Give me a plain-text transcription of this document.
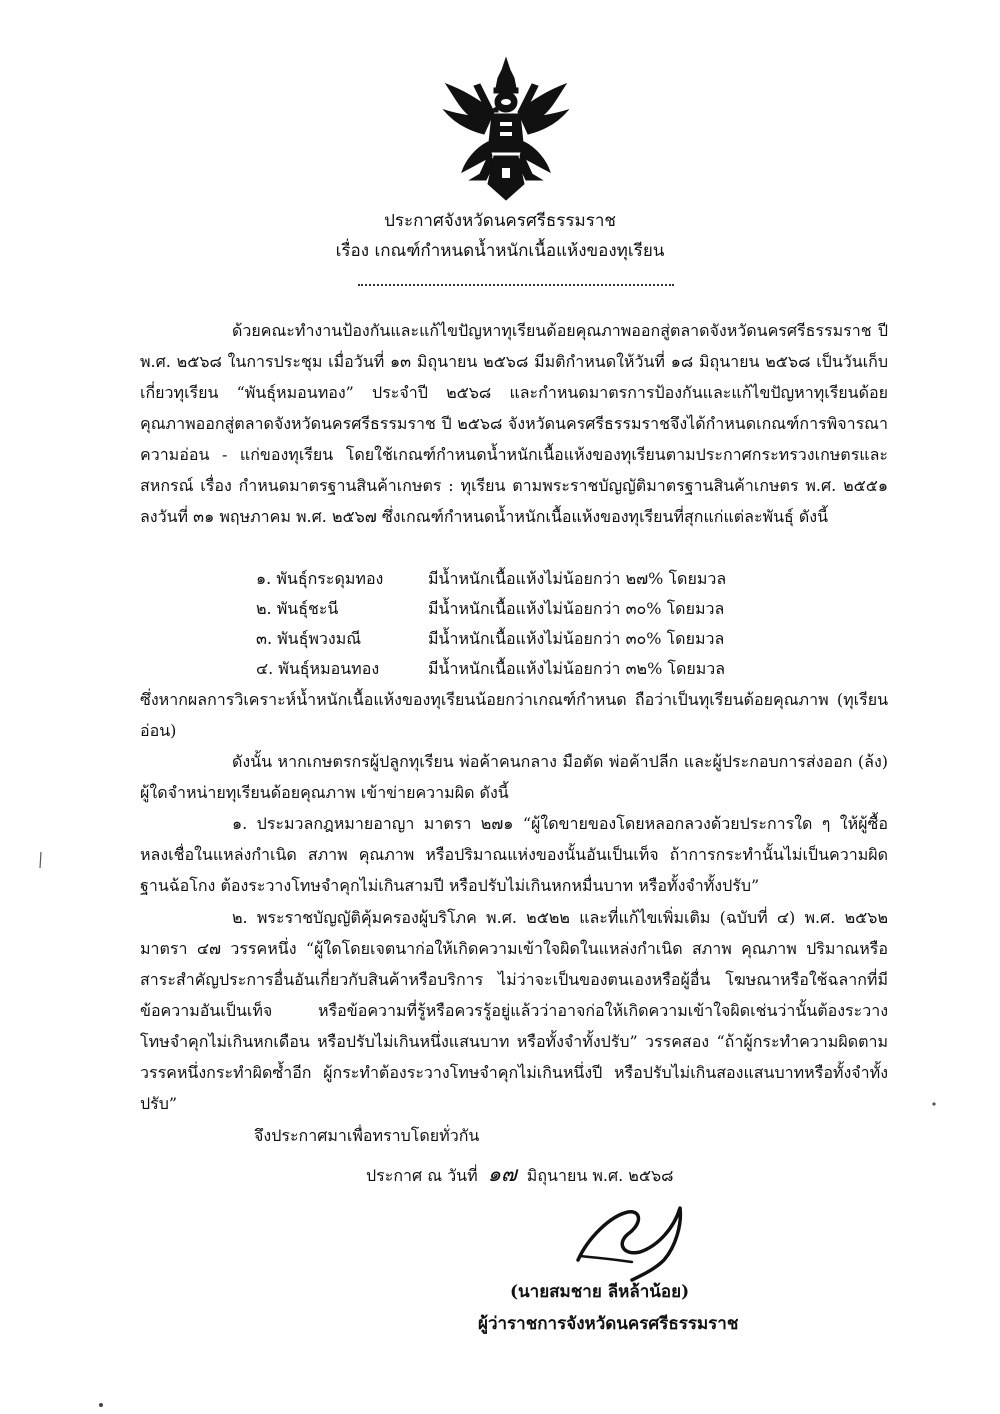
ประกาศจังหวัดนครศรีธรรมราช
เรื่อง เกณฑ์กำหนดน้ำหนักเนื้อแห้งของทุเรียน

ด้วยคณะทำงานป้องกันและแก้ไขปัญหาทุเรียนด้อยคุณภาพออกสู่ตลาดจังหวัดนครศรีธรรมราช ปี พ.ศ. ๒๕๖๘ ในการประชุม เมื่อวันที่ ๑๓ มิถุนายน ๒๕๖๘ มีมติกำหนดให้วันที่ ๑๘ มิถุนายน ๒๕๖๘ เป็นวันเก็บเกี่ยวทุเรียน “พันธุ์หมอนทอง” ประจำปี ๒๕๖๘ และกำหนดมาตรการป้องกันและแก้ไขปัญหาทุเรียนด้อยคุณภาพออกสู่ตลาดจังหวัดนครศรีธรรมราช ปี ๒๕๖๘ จังหวัดนครศรีธรรมราชจึงได้กำหนดเกณฑ์การพิจารณาความอ่อน - แก่ของทุเรียน โดยใช้เกณฑ์กำหนดน้ำหนักเนื้อแห้งของทุเรียนตามประกาศกระทรวงเกษตรและสหกรณ์ เรื่อง กำหนดมาตรฐานสินค้าเกษตร : ทุเรียน ตามพระราชบัญญัติมาตรฐานสินค้าเกษตร พ.ศ. ๒๕๕๑ ลงวันที่ ๓๑ พฤษภาคม พ.ศ. ๒๕๖๗ ซึ่งเกณฑ์กำหนดน้ำหนักเนื้อแห้งของทุเรียนที่สุกแก่แต่ละพันธุ์ ดังนี้

๑. พันธุ์กระดุมทอง	มีน้ำหนักเนื้อแห้งไม่น้อยกว่า ๒๗% โดยมวล
๒. พันธุ์ชะนี	มีน้ำหนักเนื้อแห้งไม่น้อยกว่า ๓๐% โดยมวล
๓. พันธุ์พวงมณี	มีน้ำหนักเนื้อแห้งไม่น้อยกว่า ๓๐% โดยมวล
๔. พันธุ์หมอนทอง	มีน้ำหนักเนื้อแห้งไม่น้อยกว่า ๓๒% โดยมวล

ซึ่งหากผลการวิเคราะห์น้ำหนักเนื้อแห้งของทุเรียนน้อยกว่าเกณฑ์กำหนด ถือว่าเป็นทุเรียนด้อยคุณภาพ (ทุเรียนอ่อน)

ดังนั้น หากเกษตรกรผู้ปลูกทุเรียน พ่อค้าคนกลาง มือตัด พ่อค้าปลีก และผู้ประกอบการส่งออก (ล้ง) ผู้ใดจำหน่ายทุเรียนด้อยคุณภาพ เข้าข่ายความผิด ดังนี้

๑. ประมวลกฎหมายอาญา มาตรา ๒๗๑ “ผู้ใดขายของโดยหลอกลวงด้วยประการใด ๆ ให้ผู้ซื้อหลงเชื่อในแหล่งกำเนิด สภาพ คุณภาพ หรือปริมาณแห่งของนั้นอันเป็นเท็จ ถ้าการกระทำนั้นไม่เป็นความผิดฐานฉ้อโกง ต้องระวางโทษจำคุกไม่เกินสามปี หรือปรับไม่เกินหกหมื่นบาท หรือทั้งจำทั้งปรับ”

๒. พระราชบัญญัติคุ้มครองผู้บริโภค พ.ศ. ๒๕๒๒ และที่แก้ไขเพิ่มเติม (ฉบับที่ ๔) พ.ศ. ๒๕๖๒ มาตรา ๔๗ วรรคหนึ่ง “ผู้ใดโดยเจตนาก่อให้เกิดความเข้าใจผิดในแหล่งกำเนิด สภาพ คุณภาพ ปริมาณหรือสาระสำคัญประการอื่นอันเกี่ยวกับสินค้าหรือบริการ ไม่ว่าจะเป็นของตนเองหรือผู้อื่น โฆษณาหรือใช้ฉลากที่มีข้อความอันเป็นเท็จ หรือข้อความที่รู้หรือควรรู้อยู่แล้วว่าอาจก่อให้เกิดความเข้าใจผิดเช่นว่านั้นต้องระวางโทษจำคุกไม่เกินหกเดือน หรือปรับไม่เกินหนึ่งแสนบาท หรือทั้งจำทั้งปรับ” วรรคสอง “ถ้าผู้กระทำความผิดตามวรรคหนึ่งกระทำผิดซ้ำอีก ผู้กระทำต้องระวางโทษจำคุกไม่เกินหนึ่งปี หรือปรับไม่เกินสองแสนบาทหรือทั้งจำทั้งปรับ”

จึงประกาศมาเพื่อทราบโดยทั่วกัน
ประกาศ ณ วันที่ ๑๗ มิถุนายน พ.ศ. ๒๕๖๘
(นายสมชาย ลีหล้าน้อย)
ผู้ว่าราชการจังหวัดนครศรีธรรมราช
